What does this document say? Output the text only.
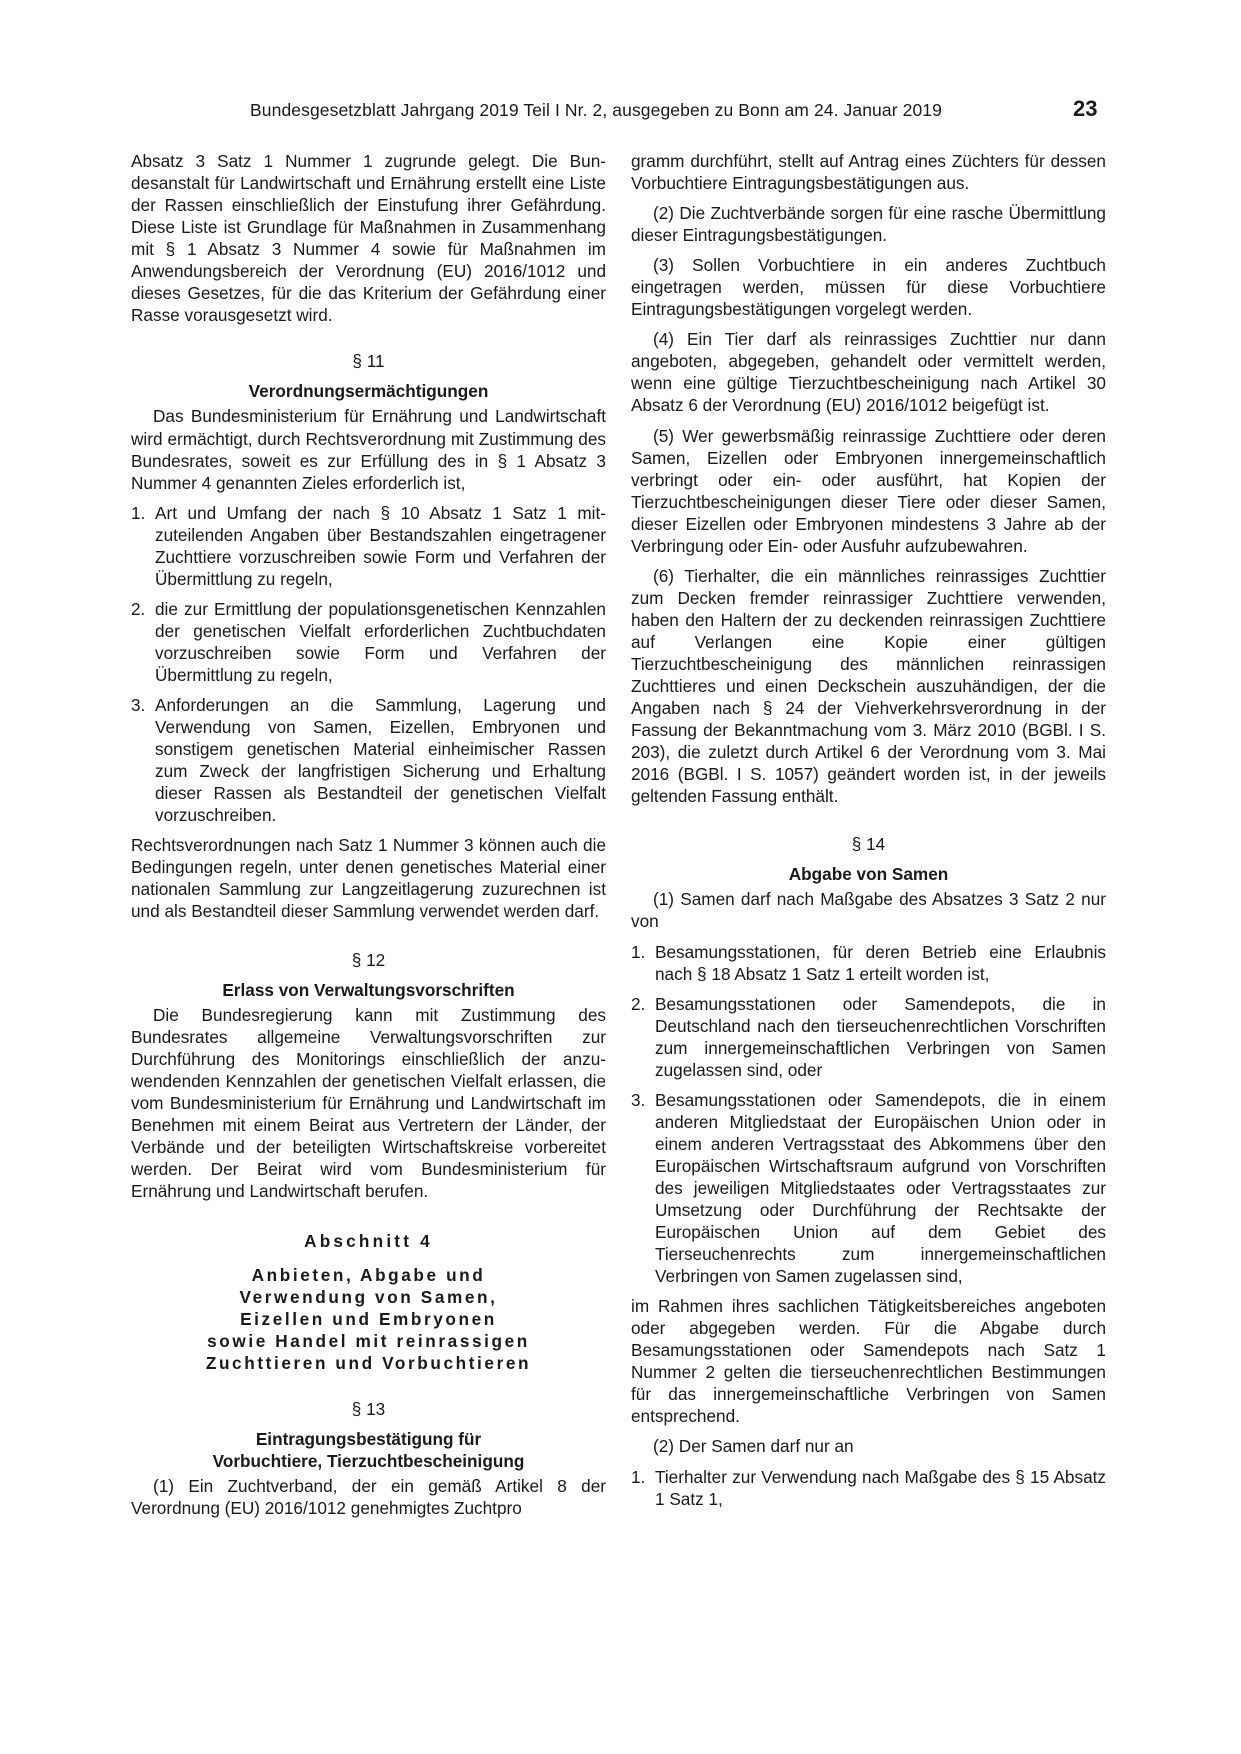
Bundesgesetzblatt Jahrgang 2019 Teil I Nr. 2, ausgegeben zu Bonn am 24. Januar 2019	23

Absatz 3 Satz 1 Nummer 1 zugrunde gelegt. Die Bundesanstalt für Landwirtschaft und Ernährung erstellt eine Liste der Rassen einschließlich der Einstufung ihrer Gefährdung. Diese Liste ist Grundlage für Maßnahmen in Zusammenhang mit § 1 Absatz 3 Nummer 4 sowie für Maßnahmen im Anwendungsbereich der Verordnung (EU) 2016/1012 und dieses Gesetzes, für die das Kriterium der Gefährdung einer Rasse vorausgesetzt wird.

§ 11

Verordnungsermächtigungen

Das Bundesministerium für Ernährung und Landwirtschaft wird ermächtigt, durch Rechtsverordnung mit Zustimmung des Bundesrates, soweit es zur Erfüllung des in § 1 Absatz 3 Nummer 4 genannten Zieles erforderlich ist,

1. Art und Umfang der nach § 10 Absatz 1 Satz 1 mitzuteilenden Angaben über Bestandszahlen eingetragener Zuchttiere vorzuschreiben sowie Form und Verfahren der Übermittlung zu regeln,
2. die zur Ermittlung der populationsgenetischen Kennzahlen der genetischen Vielfalt erforderlichen Zuchtbuchdaten vorzuschreiben sowie Form und Verfahren der Übermittlung zu regeln,
3. Anforderungen an die Sammlung, Lagerung und Verwendung von Samen, Eizellen, Embryonen und sonstigem genetischen Material einheimischer Rassen zum Zweck der langfristigen Sicherung und Erhaltung dieser Rassen als Bestandteil der genetischen Vielfalt vorzuschreiben.

Rechtsverordnungen nach Satz 1 Nummer 3 können auch die Bedingungen regeln, unter denen genetisches Material einer nationalen Sammlung zur Langzeitlagerung zuzurechnen ist und als Bestandteil dieser Sammlung verwendet werden darf.

§ 12

Erlass von Verwaltungsvorschriften

Die Bundesregierung kann mit Zustimmung des Bundesrates allgemeine Verwaltungsvorschriften zur Durchführung des Monitorings einschließlich der anzuwendenden Kennzahlen der genetischen Vielfalt erlassen, die vom Bundesministerium für Ernährung und Landwirtschaft im Benehmen mit einem Beirat aus Vertretern der Länder, der Verbände und der beteiligten Wirtschaftskreise vorbereitet werden. Der Beirat wird vom Bundesministerium für Ernährung und Landwirtschaft berufen.

Abschnitt 4

Anbieten, Abgabe und
Verwendung von Samen,
Eizellen und Embryonen
sowie Handel mit reinrassigen
Zuchttieren und Vorbuchtieren

§ 13

Eintragungsbestätigung für
Vorbuchtiere, Tierzuchtbescheinigung

(1) Ein Zuchtverband, der ein gemäß Artikel 8 der Verordnung (EU) 2016/1012 genehmigtes Zuchtpro

gramm durchführt, stellt auf Antrag eines Züchters für dessen Vorbuchtiere Eintragungsbestätigungen aus.

(2) Die Zuchtverbände sorgen für eine rasche Übermittlung dieser Eintragungsbestätigungen.

(3) Sollen Vorbuchtiere in ein anderes Zuchtbuch eingetragen werden, müssen für diese Vorbuchtiere Eintragungsbestätigungen vorgelegt werden.

(4) Ein Tier darf als reinrassiges Zuchttier nur dann angeboten, abgegeben, gehandelt oder vermittelt werden, wenn eine gültige Tierzuchtbescheinigung nach Artikel 30 Absatz 6 der Verordnung (EU) 2016/1012 beigefügt ist.

(5) Wer gewerbsmäßig reinrassige Zuchttiere oder deren Samen, Eizellen oder Embryonen innergemeinschaftlich verbringt oder ein- oder ausführt, hat Kopien der Tierzuchtbescheinigungen dieser Tiere oder dieser Samen, dieser Eizellen oder Embryonen mindestens 3 Jahre ab der Verbringung oder Ein- oder Ausfuhr aufzubewahren.

(6) Tierhalter, die ein männliches reinrassiges Zuchttier zum Decken fremder reinrassiger Zuchttiere verwenden, haben den Haltern der zu deckenden reinrassigen Zuchttiere auf Verlangen eine Kopie einer gültigen Tierzuchtbescheinigung des männlichen reinrassigen Zuchttieres und einen Deckschein auszuhändigen, der die Angaben nach § 24 der Viehverkehrsverordnung in der Fassung der Bekanntmachung vom 3. März 2010 (BGBl. I S. 203), die zuletzt durch Artikel 6 der Verordnung vom 3. Mai 2016 (BGBl. I S. 1057) geändert worden ist, in der jeweils geltenden Fassung enthält.

§ 14

Abgabe von Samen

(1) Samen darf nach Maßgabe des Absatzes 3 Satz 2 nur von

1. Besamungsstationen, für deren Betrieb eine Erlaubnis nach § 18 Absatz 1 Satz 1 erteilt worden ist,
2. Besamungsstationen oder Samendepots, die in Deutschland nach den tierseuchenrechtlichen Vorschriften zum innergemeinschaftlichen Verbringen von Samen zugelassen sind, oder
3. Besamungsstationen oder Samendepots, die in einem anderen Mitgliedstaat der Europäischen Union oder in einem anderen Vertragsstaat des Abkommens über den Europäischen Wirtschaftsraum aufgrund von Vorschriften des jeweiligen Mitgliedstaates oder Vertragsstaates zur Umsetzung oder Durchführung der Rechtsakte der Europäischen Union auf dem Gebiet des Tierseuchenrechts zum innergemeinschaftlichen Verbringen von Samen zugelassen sind,

im Rahmen ihres sachlichen Tätigkeitsbereiches angeboten oder abgegeben werden. Für die Abgabe durch Besamungsstationen oder Samendepots nach Satz 1 Nummer 2 gelten die tierseuchenrechtlichen Bestimmungen für das innergemeinschaftliche Verbringen von Samen entsprechend.

(2) Der Samen darf nur an

1. Tierhalter zur Verwendung nach Maßgabe des § 15 Absatz 1 Satz 1,
